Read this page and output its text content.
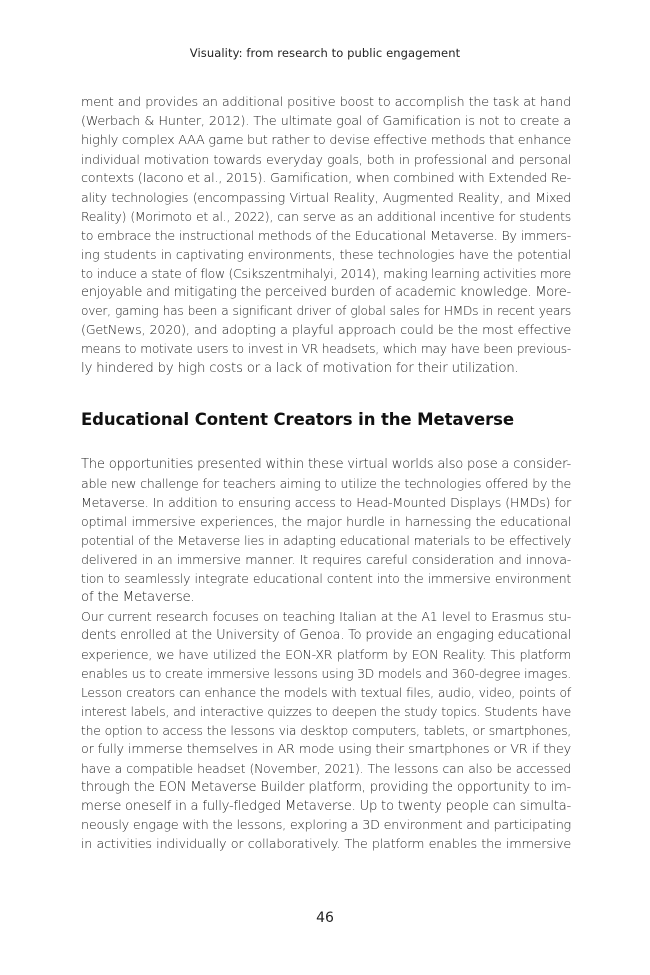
Visuality: from research to public engagement
ment and provides an additional positive boost to accomplish the task at hand
(Werbach & Hunter, 2012). The ultimate goal of Gamification is not to create a
highly complex AAA game but rather to devise effective methods that enhance
individual motivation towards everyday goals, both in professional and personal
contexts (Iacono et al., 2015). Gamification, when combined with Extended Re-
ality technologies (encompassing Virtual Reality, Augmented Reality, and Mixed
Reality) (Morimoto et al., 2022), can serve as an additional incentive for students
to embrace the instructional methods of the Educational Metaverse. By immers-
ing students in captivating environments, these technologies have the potential
to induce a state of flow (Csikszentmihalyi, 2014), making learning activities more
enjoyable and mitigating the perceived burden of academic knowledge. More-
over, gaming has been a significant driver of global sales for HMDs in recent years
(GetNews, 2020), and adopting a playful approach could be the most effective
means to motivate users to invest in VR headsets, which may have been previous-
ly hindered by high costs or a lack of motivation for their utilization.
Educational Content Creators in the Metaverse
The opportunities presented within these virtual worlds also pose a consider-
able new challenge for teachers aiming to utilize the technologies offered by the
Metaverse. In addition to ensuring access to Head-Mounted Displays (HMDs) for
optimal immersive experiences, the major hurdle in harnessing the educational
potential of the Metaverse lies in adapting educational materials to be effectively
delivered in an immersive manner. It requires careful consideration and innova-
tion to seamlessly integrate educational content into the immersive environment
of the Metaverse.
Our current research focuses on teaching Italian at the A1 level to Erasmus stu-
dents enrolled at the University of Genoa. To provide an engaging educational
experience, we have utilized the EON-XR platform by EON Reality. This platform
enables us to create immersive lessons using 3D models and 360-degree images.
Lesson creators can enhance the models with textual files, audio, video, points of
interest labels, and interactive quizzes to deepen the study topics. Students have
the option to access the lessons via desktop computers, tablets, or smartphones,
or fully immerse themselves in AR mode using their smartphones or VR if they
have a compatible headset (November, 2021). The lessons can also be accessed
through the EON Metaverse Builder platform, providing the opportunity to im-
merse oneself in a fully-fledged Metaverse. Up to twenty people can simulta-
neously engage with the lessons, exploring a 3D environment and participating
in activities individually or collaboratively. The platform enables the immersive
46
